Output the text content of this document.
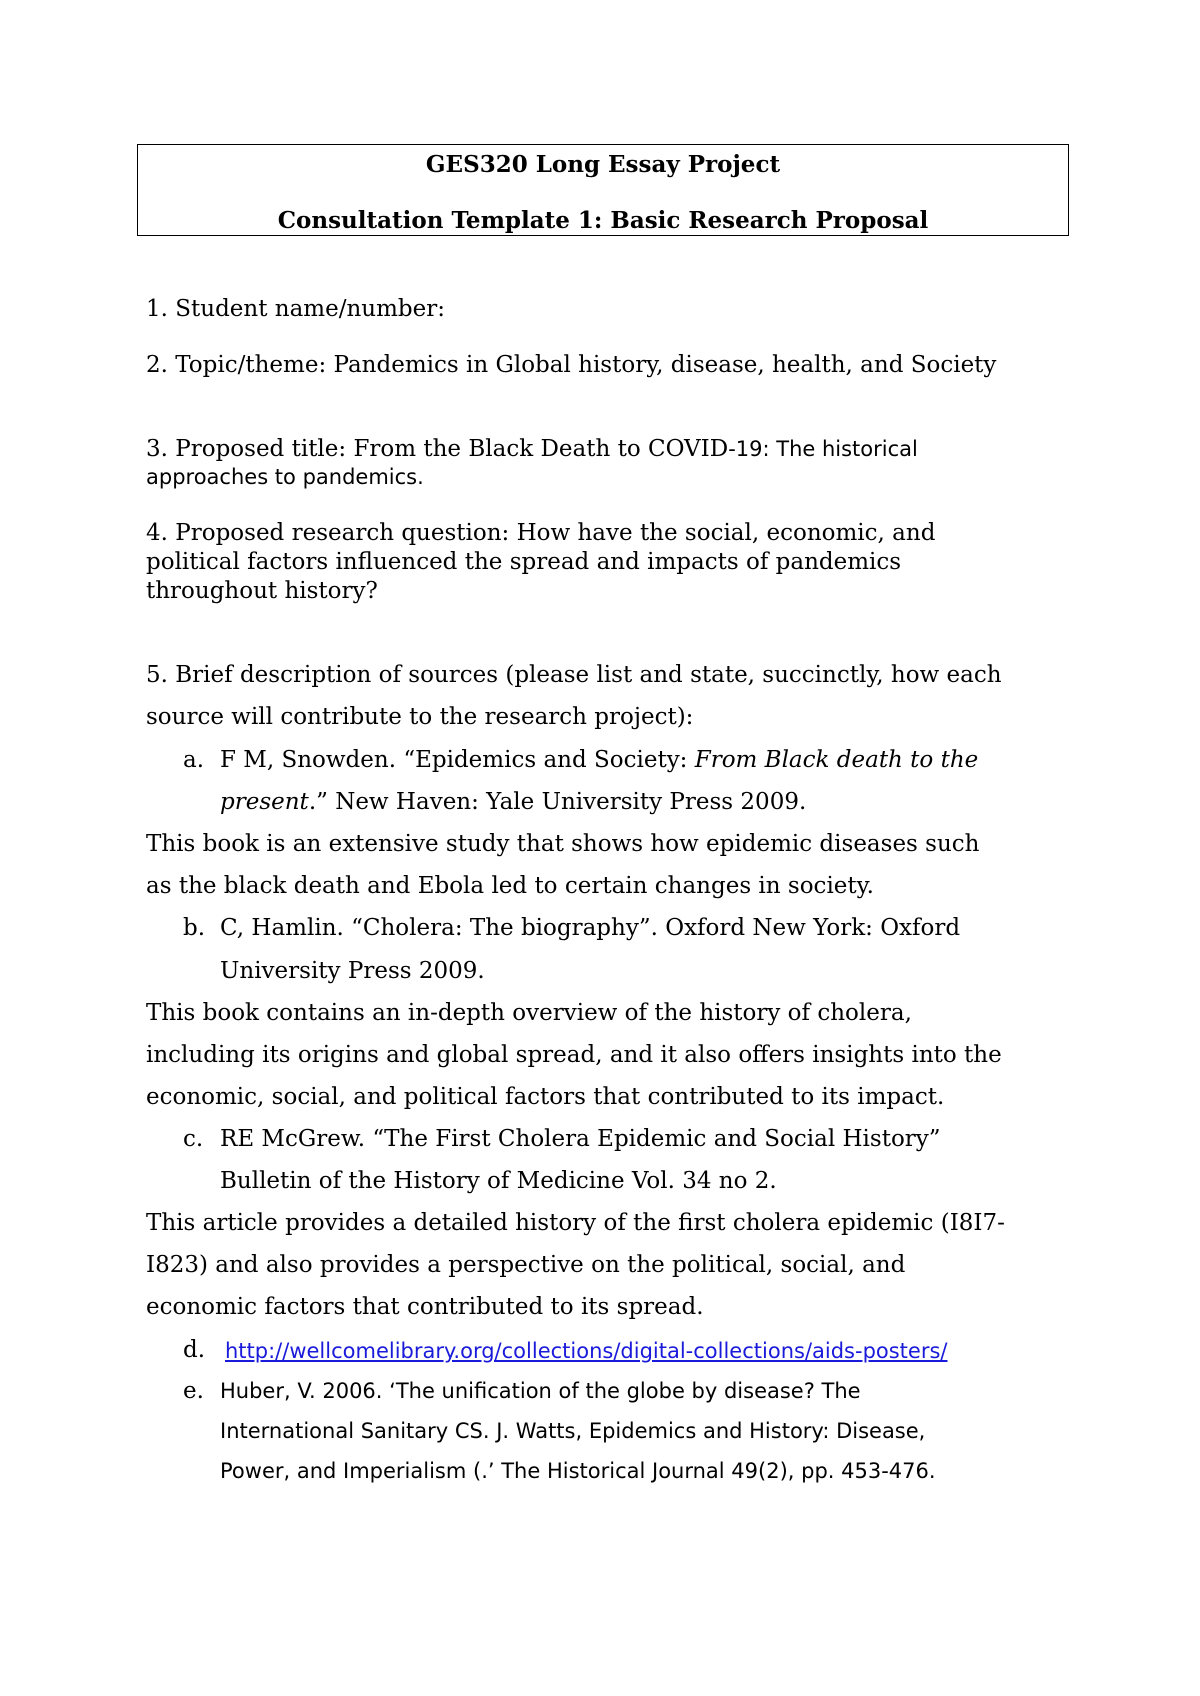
GES320 Long Essay Project
Consultation Template 1: Basic Research Proposal
1. Student name/number:
2. Topic/theme: Pandemics in Global history, disease, health, and Society
3. Proposed title: From the Black Death to COVID-19: The historical
approaches to pandemics.
4. Proposed research question: How have the social, economic, and
political factors influenced the spread and impacts of pandemics
throughout history?
5. Brief description of sources (please list and state, succinctly, how each
source will contribute to the research project):
a. F M, Snowden. “Epidemics and Society: From Black death to the
present.” New Haven: Yale University Press 2009.
This book is an extensive study that shows how epidemic diseases such
as the black death and Ebola led to certain changes in society.
b. C, Hamlin. “Cholera: The biography”. Oxford New York: Oxford
University Press 2009.
This book contains an in-depth overview of the history of cholera,
including its origins and global spread, and it also offers insights into the
economic, social, and political factors that contributed to its impact.
c. RE McGrew. “The First Cholera Epidemic and Social History”
Bulletin of the History of Medicine Vol. 34 no 2.
This article provides a detailed history of the first cholera epidemic (I8I7-
I823) and also provides a perspective on the political, social, and
economic factors that contributed to its spread.
d. http://wellcomelibrary.org/collections/digital-collections/aids-posters/
e. Huber, V. 2006. ‘The unification of the globe by disease? The
International Sanitary CS. J. Watts, Epidemics and History: Disease,
Power, and Imperialism (.’ The Historical Journal 49(2), pp. 453-476.
